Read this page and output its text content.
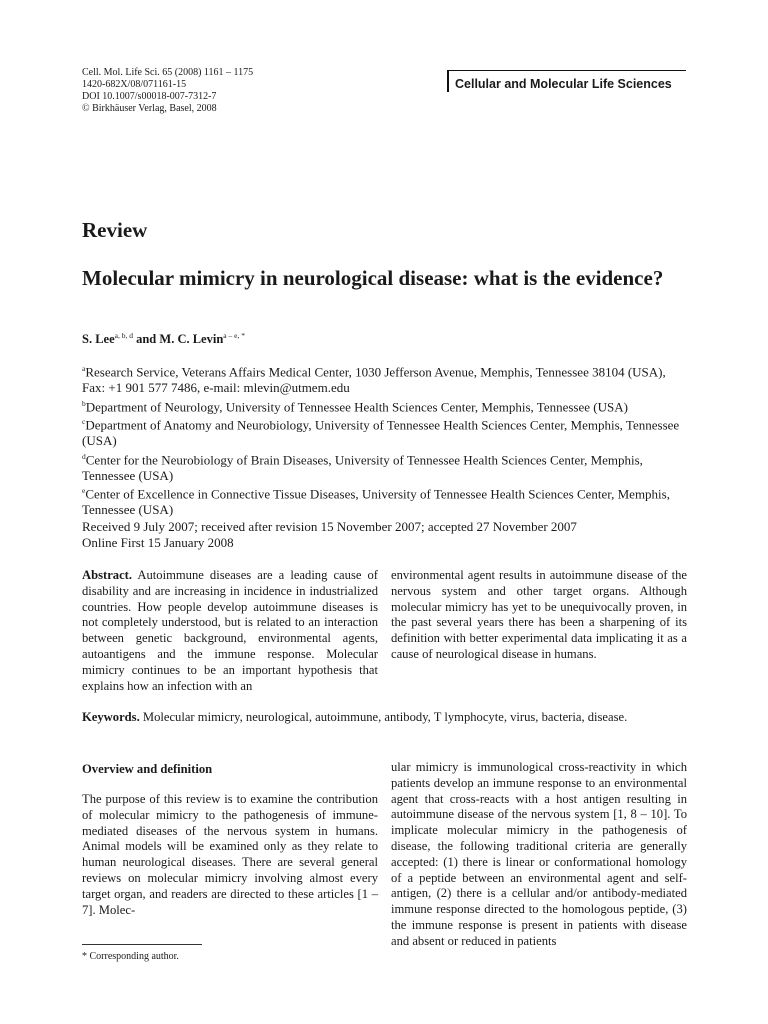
Cell. Mol. Life Sci. 65 (2008) 1161 – 1175
1420-682X/08/071161-15
DOI 10.1007/s00018-007-7312-7
© Birkhäuser Verlag, Basel, 2008
Cellular and Molecular Life Sciences
Review
Molecular mimicry in neurological disease: what is the evidence?
S. Lee$^{a, b, d}$ and M. C. Levin$^{a - e, *}$

$^a$Research Service, Veterans Affairs Medical Center, 1030 Jefferson Avenue, Memphis, Tennessee 38104 (USA), Fax: +1 901 577 7486, e-mail: mlevin@utmem.edu

$^b$Department of Neurology, University of Tennessee Health Sciences Center, Memphis, Tennessee (USA)

$^c$Department of Anatomy and Neurobiology, University of Tennessee Health Sciences Center, Memphis, Tennessee (USA)

$^d$Center for the Neurobiology of Brain Diseases, University of Tennessee Health Sciences Center, Memphis, Tennessee (USA)

$^e$Center of Excellence in Connective Tissue Diseases, University of Tennessee Health Sciences Center, Memphis, Tennessee (USA)

Received 9 July 2007; received after revision 15 November 2007; accepted 27 November 2007
Online First 15 January 2008
Abstract. Autoimmune diseases are a leading cause of disability and are increasing in incidence in industrialized countries. How people develop autoimmune diseases is not completely understood, but is related to an interaction between genetic background, environmental agents, autoantigens and the immune response. Molecular mimicry continues to be an important hypothesis that explains how an infection with an
environmental agent results in autoimmune disease of the nervous system and other target organs. Although molecular mimicry has yet to be unequivocally proven, in the past several years there has been a sharpening of its definition with better experimental data implicating it as a cause of neurological disease in humans.
Keywords. Molecular mimicry, neurological, autoimmune, antibody, T lymphocyte, virus, bacteria, disease.
Overview and definition
The purpose of this review is to examine the contribution of molecular mimicry to the pathogenesis of immune-mediated diseases of the nervous system in humans. Animal models will be examined only as they relate to human neurological diseases. There are several general reviews on molecular mimicry involving almost every target organ, and readers are directed to these articles [1 – 7]. Molec-
ular mimicry is immunological cross-reactivity in which patients develop an immune response to an environmental agent that cross-reacts with a host antigen resulting in autoimmune disease of the nervous system [1, 8 – 10]. To implicate molecular mimicry in the pathogenesis of disease, the following traditional criteria are generally accepted: (1) there is linear or conformational homology of a peptide between an environmental agent and self-antigen, (2) there is a cellular and/or antibody-mediated immune response directed to the homologous peptide, (3) the immune response is present in patients with disease and absent or reduced in patients
* Corresponding author.
